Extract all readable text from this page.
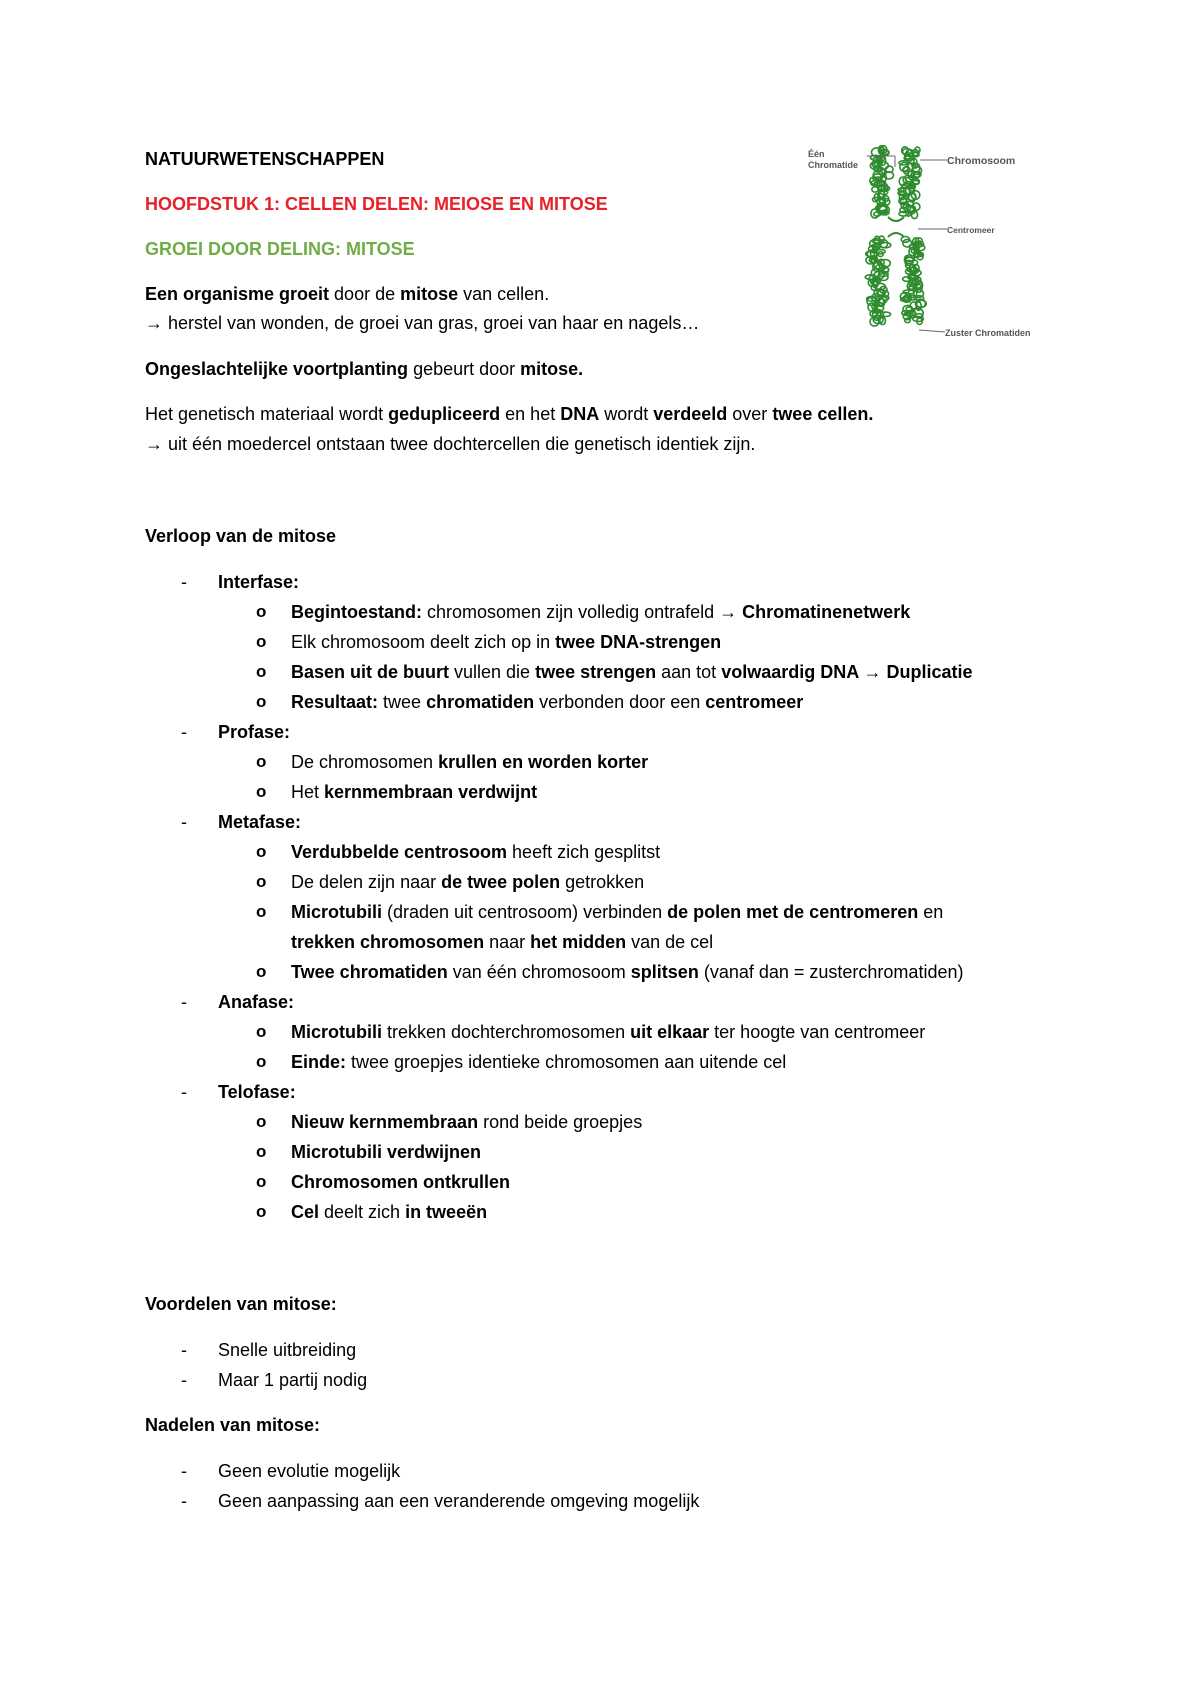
NATUURWETENSCHAPPEN
HOOFDSTUK 1: CELLEN DELEN: MEIOSE EN MITOSE
GROEI DOOR DELING: MITOSE
Een organisme groeit door de mitose van cellen.
→ herstel van wonden, de groei van gras, groei van haar en nagels…
Ongeslachtelijke voortplanting gebeurt door mitose.
Het genetisch materiaal wordt gedupliceerd en het DNA wordt verdeeld over twee cellen.
→ uit één moedercel ontstaan twee dochtercellen die genetisch identiek zijn.
Verloop van de mitose
- Interfase:
o Begintoestand: chromosomen zijn volledig ontrafeld → Chromatinenetwerk
o Elk chromosoom deelt zich op in twee DNA-strengen
o Basen uit de buurt vullen die twee strengen aan tot volwaardig DNA → Duplicatie
o Resultaat: twee chromatiden verbonden door een centromeer
- Profase:
o De chromosomen krullen en worden korter
o Het kernmembraan verdwijnt
- Metafase:
o Verdubbelde centrosoom heeft zich gesplitst
o De delen zijn naar de twee polen getrokken
o Microtubili (draden uit centrosoom) verbinden de polen met de centromeren en
trekken chromosomen naar het midden van de cel
o Twee chromatiden van één chromosoom splitsen (vanaf dan = zusterchromatiden)
- Anafase:
o Microtubili trekken dochterchromosomen uit elkaar ter hoogte van centromeer
o Einde: twee groepjes identieke chromosomen aan uitende cel
- Telofase:
o Nieuw kernmembraan rond beide groepjes
o Microtubili verdwijnen
o Chromosomen ontkrullen
o Cel deelt zich in tweeën
Voordelen van mitose:
- Snelle uitbreiding
- Maar 1 partij nodig
Nadelen van mitose:
- Geen evolutie mogelijk
- Geen aanpassing aan een veranderende omgeving mogelijk
Één
Chromatide	Chromosoom
Centromeer
Zuster Chromatiden
